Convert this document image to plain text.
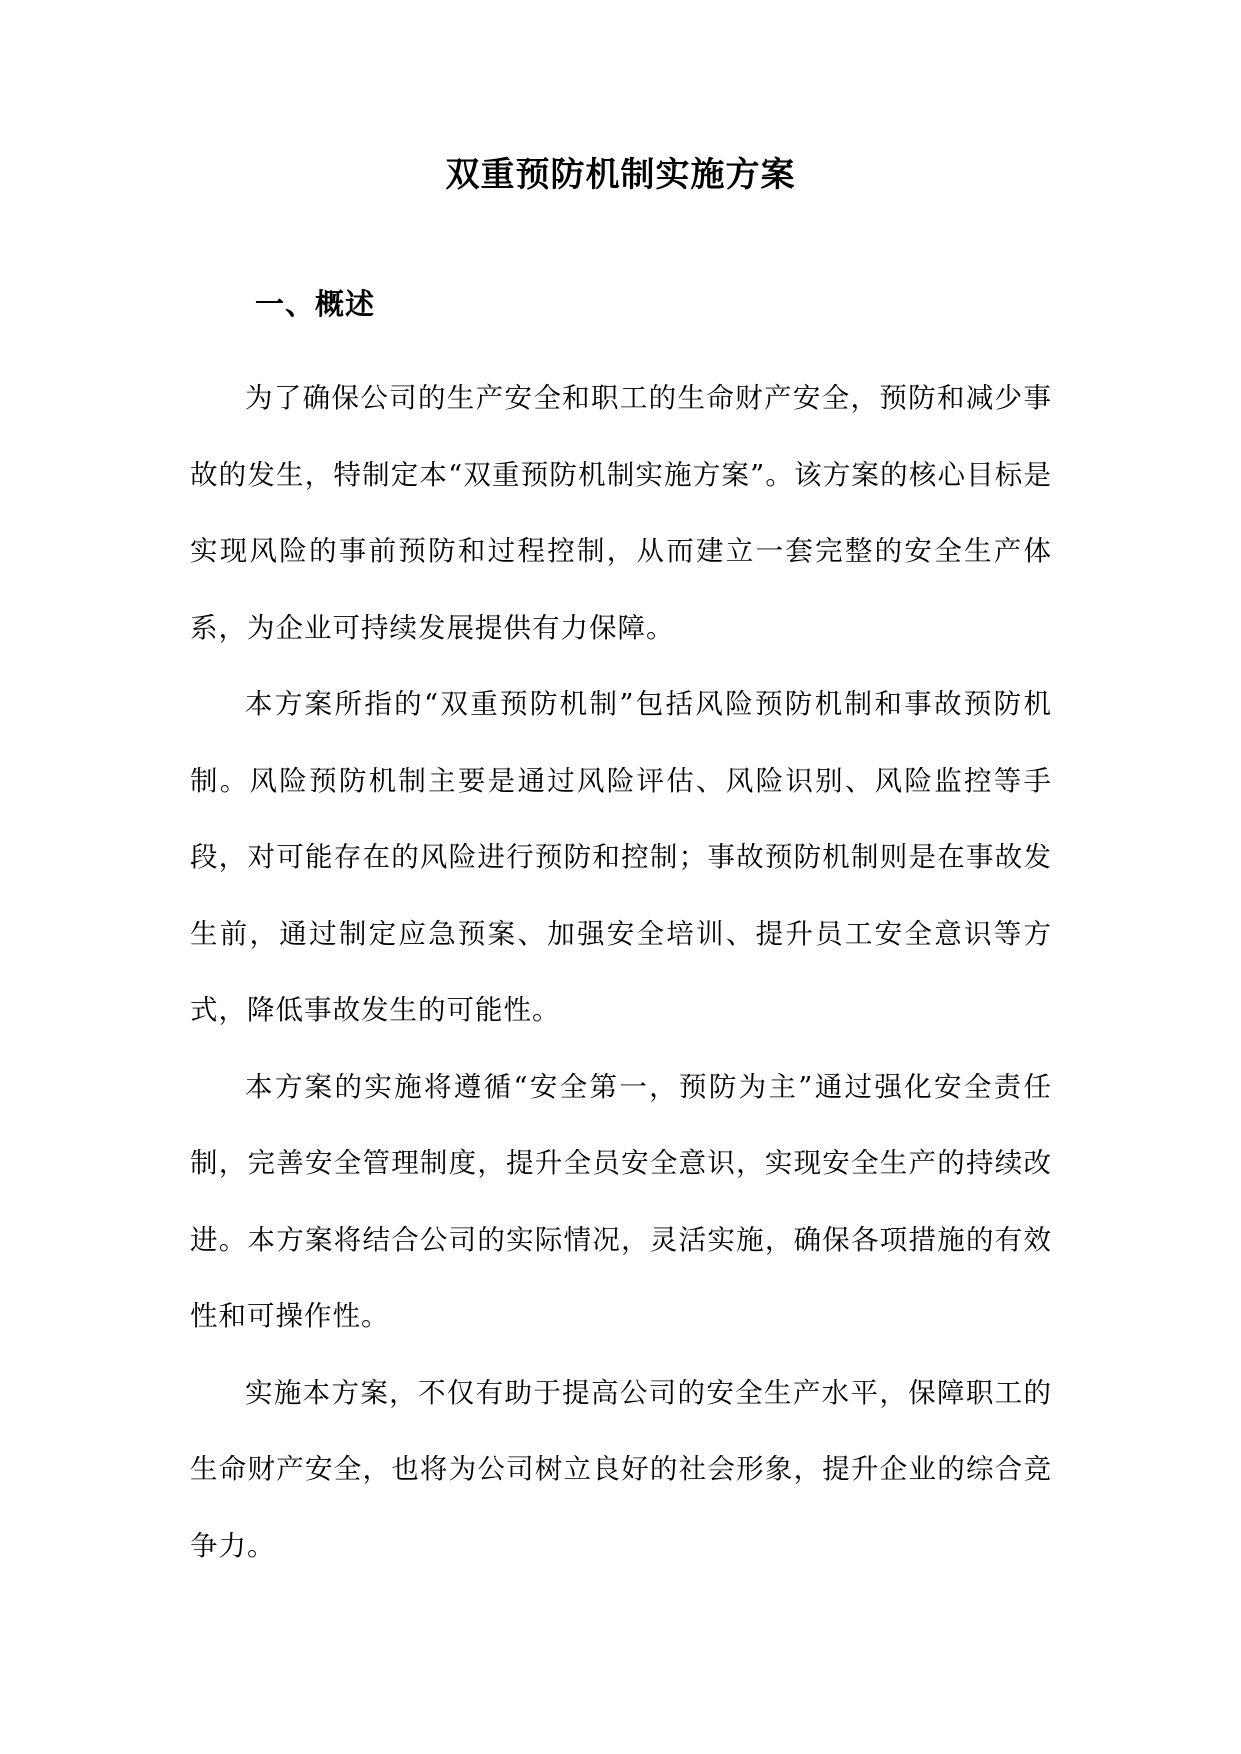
双重预防机制实施方案
一、概述

为了确保公司的生产安全和职工的生命财产安全，预防和减少事故的发生，特制定本“双重预防机制实施方案”。该方案的核心目标是实现风险的事前预防和过程控制，从而建立一套完整的安全生产体系，为企业可持续发展提供有力保障。

本方案所指的“双重预防机制”包括风险预防机制和事故预防机制。风险预防机制主要是通过风险评估、风险识别、风险监控等手段，对可能存在的风险进行预防和控制；事故预防机制则是在事故发生前，通过制定应急预案、加强安全培训、提升员工安全意识等方式，降低事故发生的可能性。

本方案的实施将遵循“安全第一，预防为主”通过强化安全责任制，完善安全管理制度，提升全员安全意识，实现安全生产的持续改进。本方案将结合公司的实际情况，灵活实施，确保各项措施的有效性和可操作性。

实施本方案，不仅有助于提高公司的安全生产水平，保障职工的生命财产安全，也将为公司树立良好的社会形象，提升企业的综合竞争力。
